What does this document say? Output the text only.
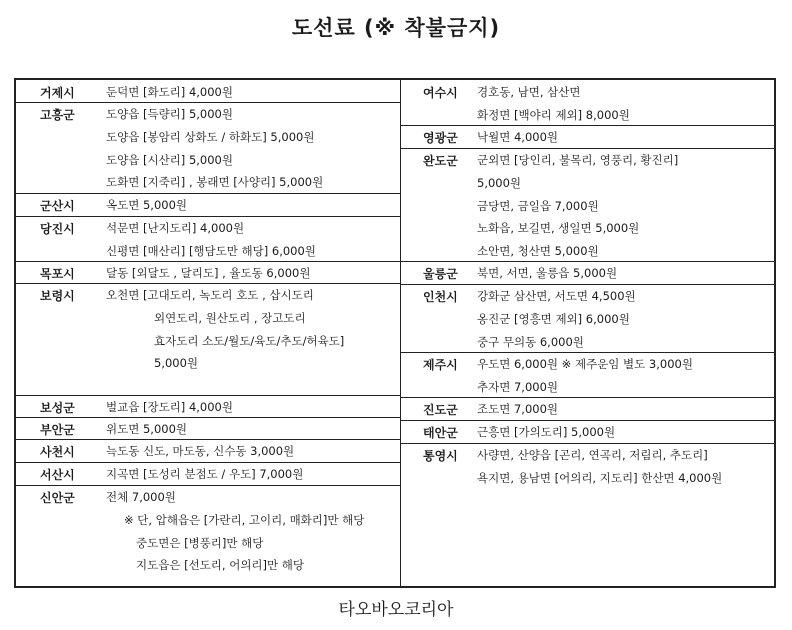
도선료 (※ 착불금지)
거제시	둔덕면 [화도리] 4,000원
고흥군	도양읍 [득량리] 5,000원
도양읍 [봉암리 상화도 / 하화도] 5,000원
도양읍 [시산리] 5,000원
도화면 [지죽리] , 봉래면 [사양리] 5,000원
군산시	옥도면 5,000원
당진시	석문면 [난지도리] 4,000원
신평면 [매산리] [행담도만 해당] 6,000원
목포시	달동 [외달도 , 달리도] , 율도동 6,000원
보령시	오천면 [고대도리, 녹도리 호도 , 삽시도리
외연도리, 원산도리 , 장고도리
효자도리 소도/월도/육도/추도/허육도]
5,000원
보성군	벌교읍 [장도리] 4,000원
부안군	위도면 5,000원
사천시	늑도동 신도, 마도동, 신수동 3,000원
서산시	지곡면 [도성리 분점도 / 우도] 7,000원
신안군	전체 7,000원
※ 단, 압해읍은 [가란리, 고이리, 매화리]만 해당
중도면은 [병풍리]만 해당
지도읍은 [선도리, 어의리]만 해당
여수시 경호동, 남면, 삼산면
화정면 [백야리 제외] 8,000원
영광군 낙월면 4,000원
완도군 군외면 [당인리, 불목리, 영풍리, 황진리]
5,000원
금당면, 금일읍 7,000원
노화읍, 보길면, 생일면 5,000원
소안면, 청산면 5,000원
울릉군 북면, 서면, 울릉읍 5,000원
인천시 강화군 삼산면, 서도면 4,500원
옹진군 [영흥면 제외] 6,000원
중구 무의동 6,000원
제주시 우도면 6,000원 ※ 제주운임 별도 3,000원
추자면 7,000원
진도군 조도면 7,000원
태안군 근흥면 [가의도리] 5,000원
통영시 사량면, 산양읍 [곤리, 연곡리, 저림리, 추도리]
욕지면, 용남면 [어의리, 지도리] 한산면 4,000원
타오바오코리아
